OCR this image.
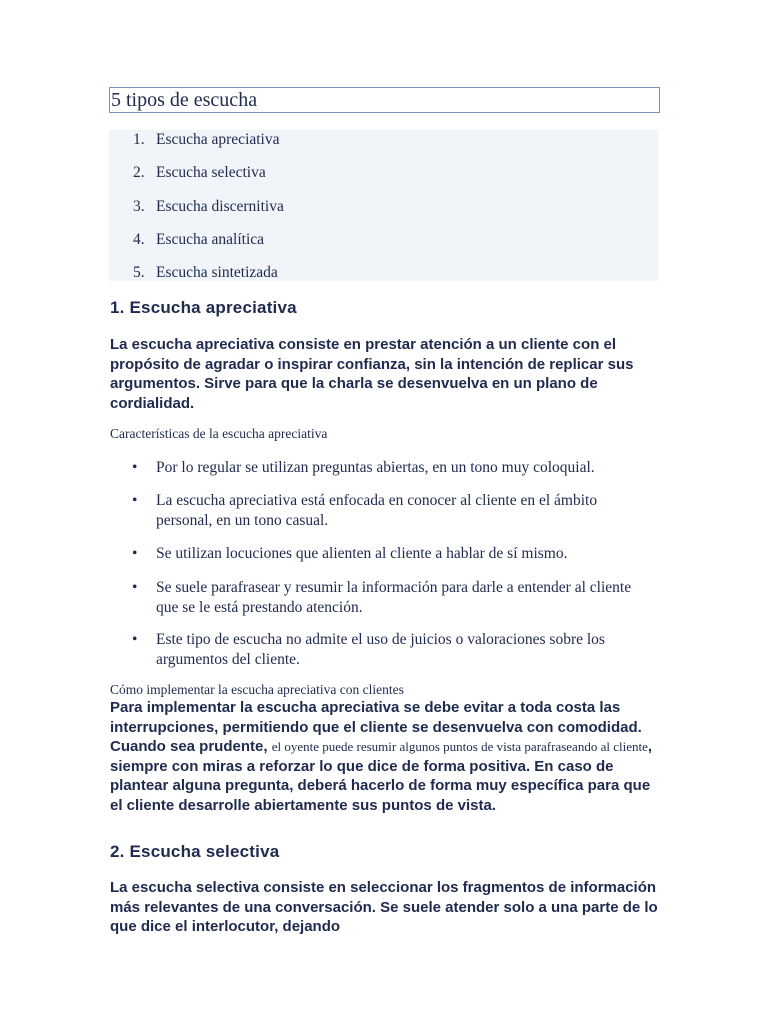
5 tipos de escucha
1. Escucha apreciativa
2. Escucha selectiva
3. Escucha discernitiva
4. Escucha analítica
5. Escucha sintetizada
1. Escucha apreciativa

La escucha apreciativa consiste en prestar atención a un cliente con el propósito de agradar o inspirar confianza, sin la intención de replicar sus argumentos. Sirve para que la charla se desenvuelva en un plano de cordialidad.

Características de la escucha apreciativa
• Por lo regular se utilizan preguntas abiertas, en un tono muy coloquial.
• La escucha apreciativa está enfocada en conocer al cliente en el ámbito personal, en un tono casual.
• Se utilizan locuciones que alienten al cliente a hablar de sí mismo.
• Se suele parafrasear y resumir la información para darle a entender al cliente que se le está prestando atención.
• Este tipo de escucha no admite el uso de juicios o valoraciones sobre los argumentos del cliente.
Cómo implementar la escucha apreciativa con clientes

Para implementar la escucha apreciativa se debe evitar a toda costa las interrupciones, permitiendo que el cliente se desenvuelva con comodidad. Cuando sea prudente, el oyente puede resumir algunos puntos de vista parafraseando al cliente, siempre con miras a reforzar lo que dice de forma positiva. En caso de plantear alguna pregunta, deberá hacerlo de forma muy específica para que el cliente desarrolle abiertamente sus puntos de vista.

2. Escucha selectiva

La escucha selectiva consiste en seleccionar los fragmentos de información más relevantes de una conversación. Se suele atender solo a una parte de lo que dice el interlocutor, dejando
